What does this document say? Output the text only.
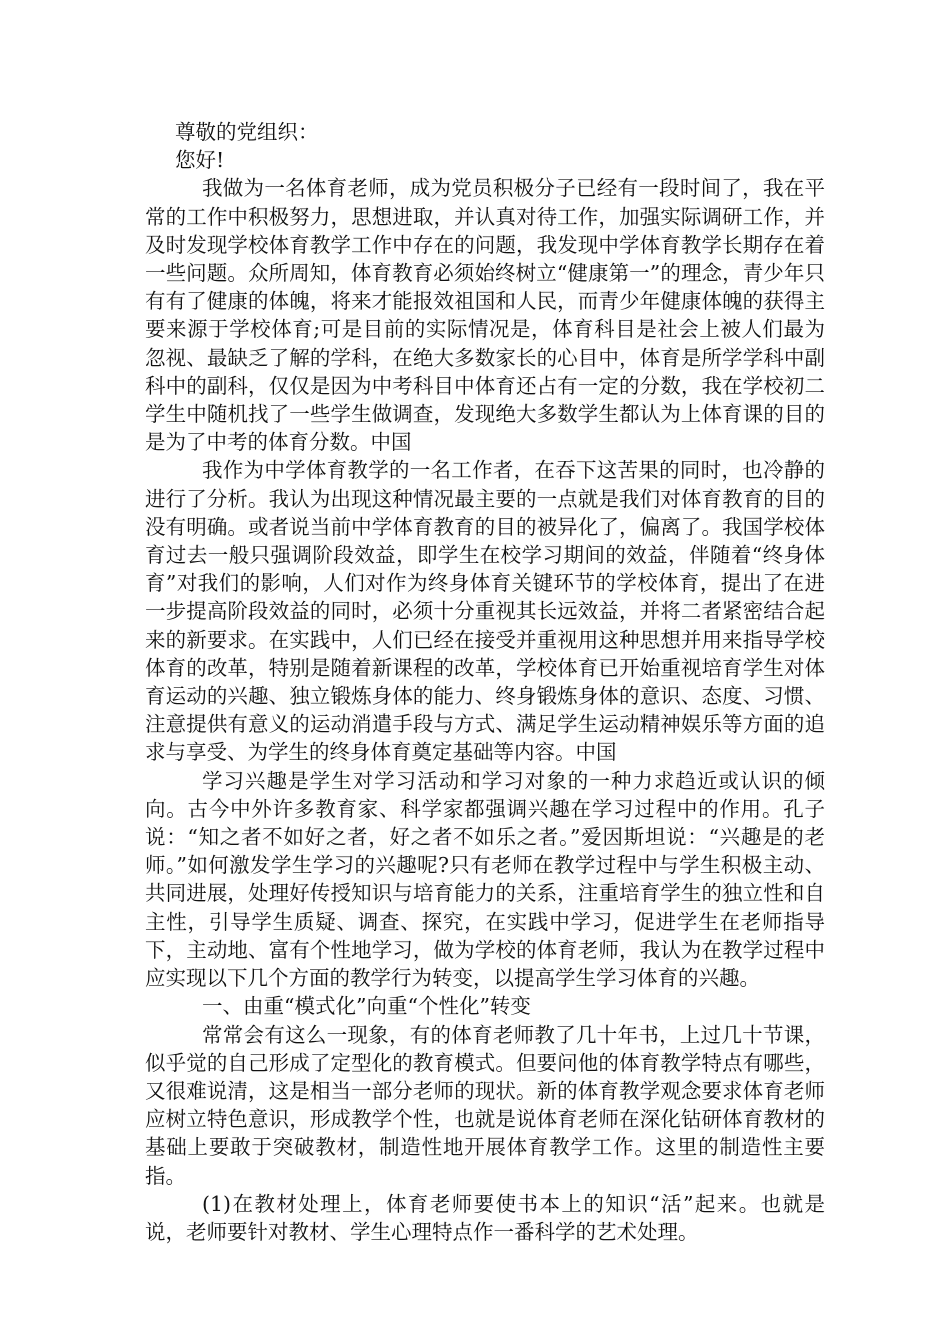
尊敬的党组织：

您好!

我做为一名体育老师，成为党员积极分子已经有一段时间了，我在平常的工作中积极努力，思想进取，并认真对待工作，加强实际调研工作，并及时发现学校体育教学工作中存在的问题，我发现中学体育教学长期存在着一些问题。众所周知，体育教育必须始终树立“健康第一”的理念，青少年只有有了健康的体魄，将来才能报效祖国和人民，而青少年健康体魄的获得主要来源于学校体育;可是目前的实际情况是，体育科目是社会上被人们最为忽视、最缺乏了解的学科，在绝大多数家长的心目中，体育是所学学科中副科中的副科，仅仅是因为中考科目中体育还占有一定的分数，我在学校初二学生中随机找了一些学生做调查，发现绝大多数学生都认为上体育课的目的是为了中考的体育分数。中国

我作为中学体育教学的一名工作者，在吞下这苦果的同时，也冷静的进行了分析。我认为出现这种情况最主要的一点就是我们对体育教育的目的没有明确。或者说当前中学体育教育的目的被异化了，偏离了。我国学校体育过去一般只强调阶段效益，即学生在校学习期间的效益，伴随着“终身体育”对我们的影响，人们对作为终身体育关键环节的学校体育，提出了在进一步提高阶段效益的同时，必须十分重视其长远效益，并将二者紧密结合起来的新要求。在实践中，人们已经在接受并重视用这种思想并用来指导学校体育的改革，特别是随着新课程的改革，学校体育已开始重视培育学生对体育运动的兴趣、独立锻炼身体的能力、终身锻炼身体的意识、态度、习惯、注意提供有意义的运动消遣手段与方式、满足学生运动精神娱乐等方面的追求与享受、为学生的终身体育奠定基础等内容。中国

学习兴趣是学生对学习活动和学习对象的一种力求趋近或认识的倾向。古今中外许多教育家、科学家都强调兴趣在学习过程中的作用。孔子说：“知之者不如好之者，好之者不如乐之者。”爱因斯坦说：“兴趣是的老师。”如何激发学生学习的兴趣呢?只有老师在教学过程中与学生积极主动、共同进展，处理好传授知识与培育能力的关系，注重培育学生的独立性和自主性，引导学生质疑、调查、探究，在实践中学习，促进学生在老师指导下，主动地、富有个性地学习，做为学校的体育老师，我认为在教学过程中应实现以下几个方面的教学行为转变，以提高学生学习体育的兴趣。

一、由重“模式化”向重“个性化”转变

常常会有这么一现象，有的体育老师教了几十年书，上过几十节课，似乎觉的自己形成了定型化的教育模式。但要问他的体育教学特点有哪些，又很难说清，这是相当一部分老师的现状。新的体育教学观念要求体育老师应树立特色意识，形成教学个性，也就是说体育老师在深化钻研体育教材的基础上要敢于突破教材，制造性地开展体育教学工作。这里的制造性主要指。

(1)在教材处理上，体育老师要使书本上的知识“活”起来。也就是说，老师要针对教材、学生心理特点作一番科学的艺术处理。
